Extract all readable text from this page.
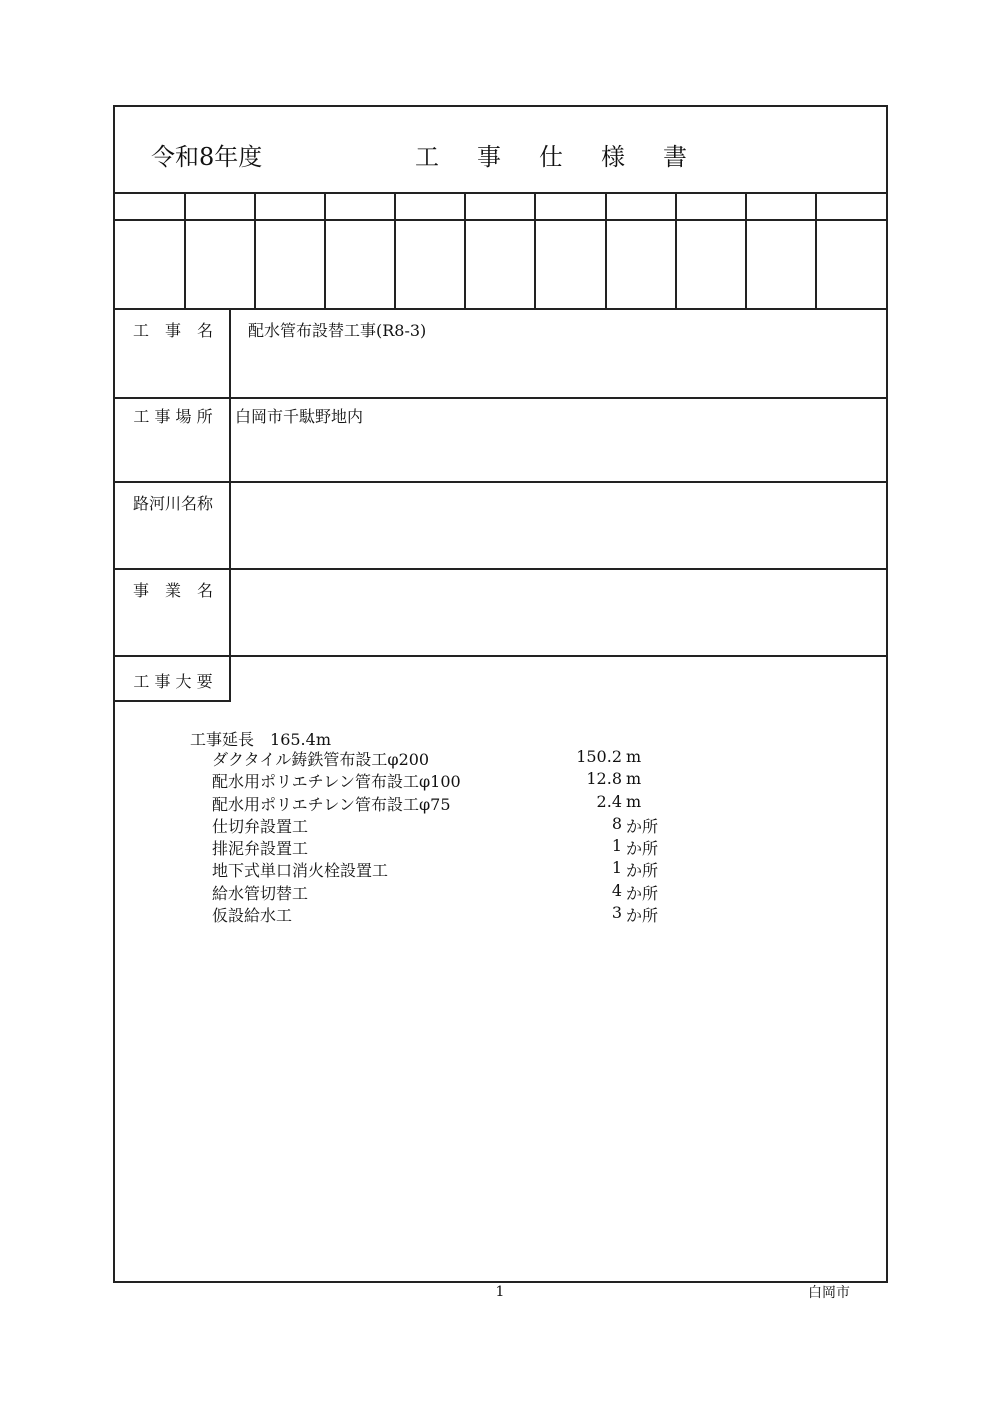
令和8年度	工 事 仕 様 書
工　事　名	配水管布設替工事(R8-3)
工 事 場 所	白岡市千駄野地内
路河川名称
事　業　名
工 事 大 要
工事延長 165.4m
ダクタイル鋳鉄管布設工φ200	150.2 m
配水用ポリエチレン管布設工φ100	12.8 m
配水用ポリエチレン管布設工φ75	2.4 m
仕切弁設置工	8 か所
排泥弁設置工	1 か所
地下式単口消火栓設置工	1 か所
給水管切替工	4 か所
仮設給水工	3 か所
1	白岡市
